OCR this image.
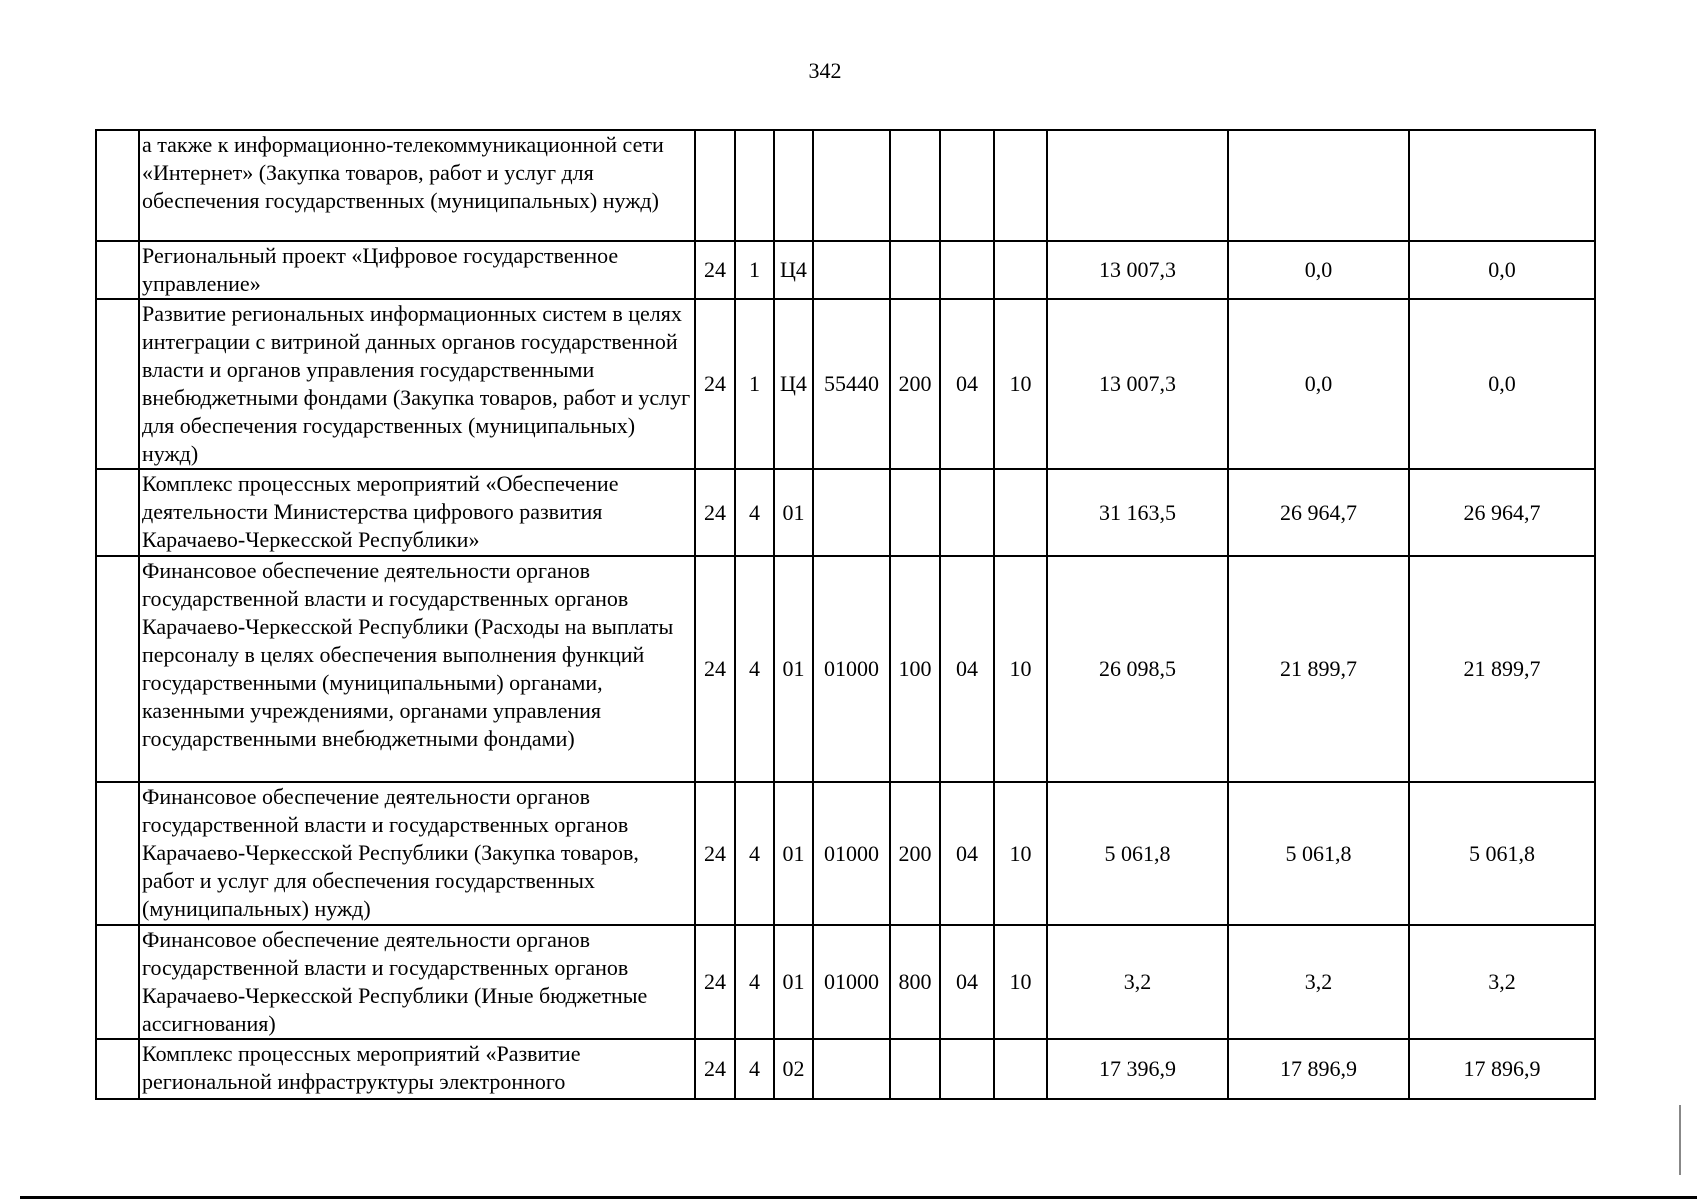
342
	а также к информационно-телекоммуникационной сети «Интернет» (Закупка товаров, работ и услуг для обеспечения государственных (муниципальных) нужд)										
	Региональный проект «Цифровое государственное управление»	24	1	Ц4					13 007,3	0,0	0,0
	Развитие региональных информационных систем в целях интеграции с витриной данных органов государственной власти и органов управления государственными внебюджетными фондами (Закупка товаров, работ и услуг для обеспечения государственных (муниципальных) нужд)	24	1	Ц4	55440	200	04	10	13 007,3	0,0	0,0
	Комплекс процессных мероприятий «Обеспечение деятельности Министерства цифрового развития Карачаево-Черкесской Республики»	24	4	01					31 163,5	26 964,7	26 964,7
	Финансовое обеспечение деятельности органов государственной власти и государственных органов Карачаево-Черкесской Республики (Расходы на выплаты персоналу в целях обеспечения выполнения функций государственными (муниципальными) органами, казенными учреждениями, органами управления государственными внебюджетными фондами)	24	4	01	01000	100	04	10	26 098,5	21 899,7	21 899,7
	Финансовое обеспечение деятельности органов государственной власти и государственных органов Карачаево-Черкесской Республики (Закупка товаров, работ и услуг для обеспечения государственных (муниципальных) нужд)	24	4	01	01000	200	04	10	5 061,8	5 061,8	5 061,8
	Финансовое обеспечение деятельности органов государственной власти и государственных органов Карачаево-Черкесской Республики (Иные бюджетные ассигнования)	24	4	01	01000	800	04	10	3,2	3,2	3,2
	Комплекс процессных мероприятий «Развитие региональной инфраструктуры электронного	24	4	02					17 396,9	17 896,9	17 896,9
